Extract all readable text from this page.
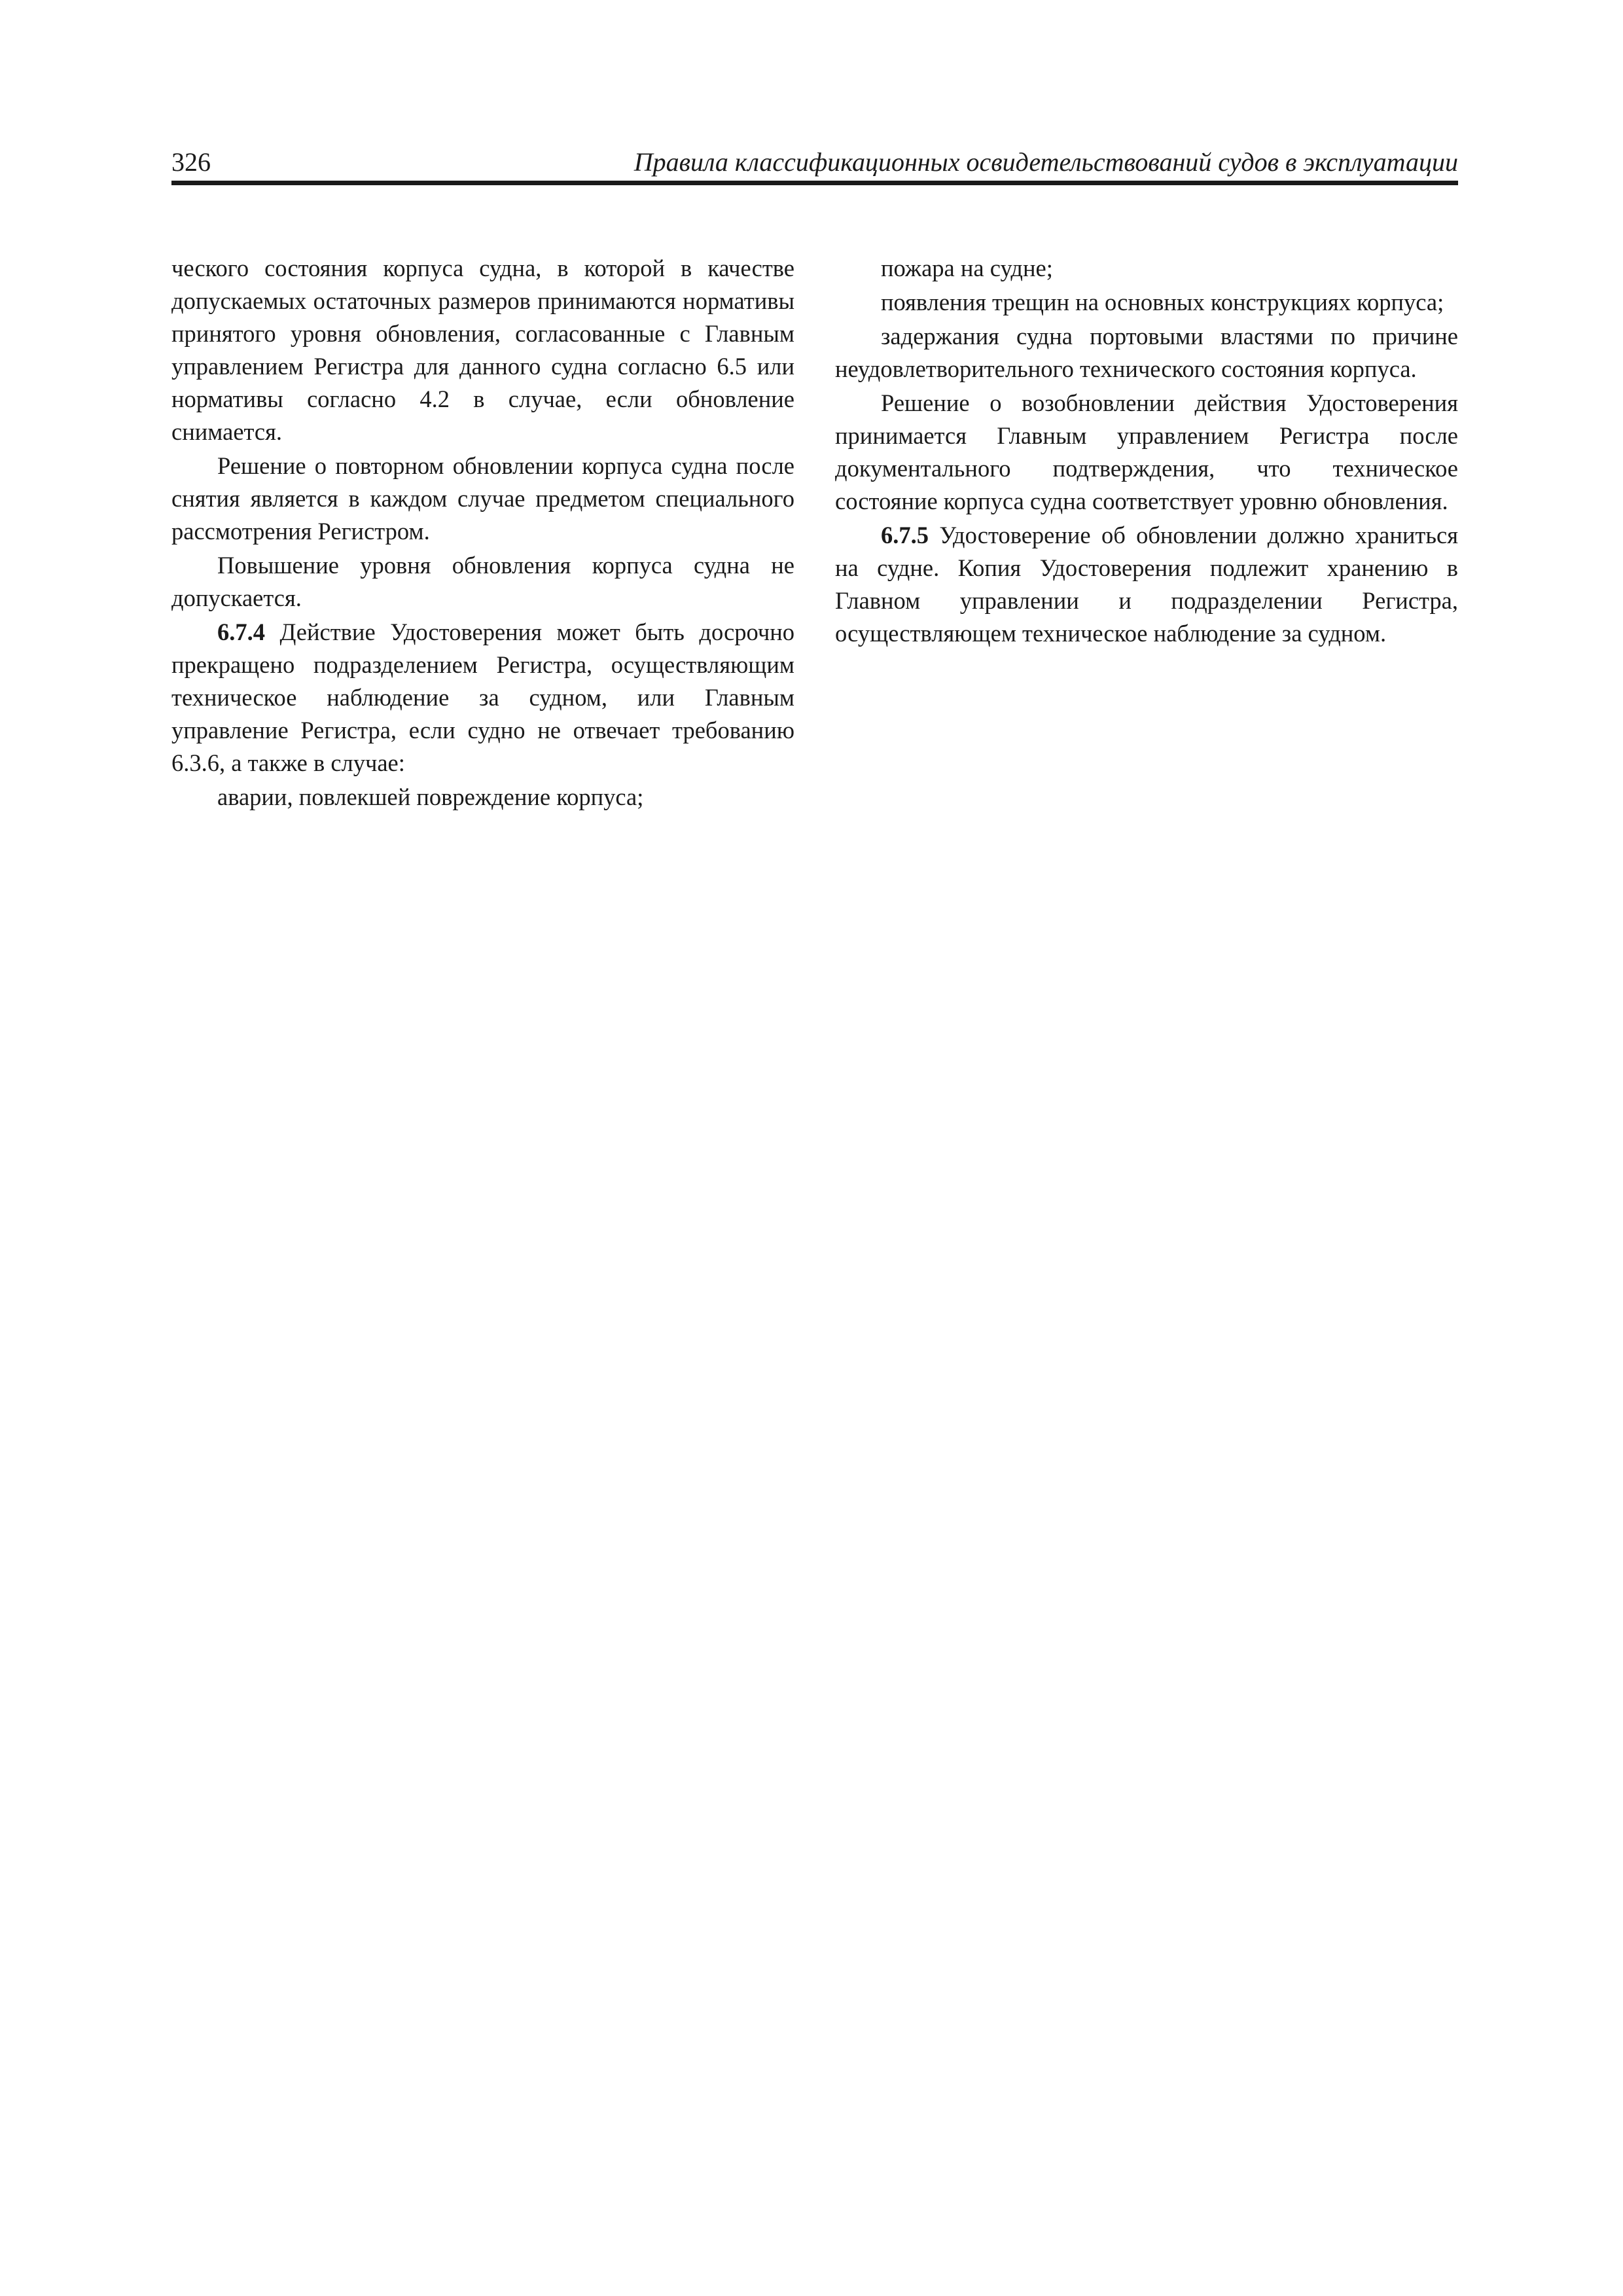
326	Правила классификационных освидетельствований судов в эксплуатации

ческого состояния корпуса судна, в которой в качестве допускаемых остаточных размеров принимаются нормативы принятого уровня обновления, согласованные с Главным управлением Регистра для данного судна согласно 6.5 или нормативы согласно 4.2 в случае, если обновление снимается.

Решение о повторном обновлении корпуса судна после снятия является в каждом случае предметом специального рассмотрения Регистром.

Повышение уровня обновления корпуса судна не допускается.

6.7.4 Действие Удостоверения может быть досрочно прекращено подразделением Регистра, осуществляющим техническое наблюдение за судном, или Главным управление Регистра, если судно не отвечает требованию 6.3.6, а также в случае:

аварии, повлекшей повреждение корпуса;

пожара на судне;

появления трещин на основных конструкциях корпуса;

задержания судна портовыми властями по причине неудовлетворительного технического состояния корпуса.

Решение о возобновлении действия Удостоверения принимается Главным управлением Регистра после документального подтверждения, что техническое состояние корпуса судна соответствует уровню обновления.

6.7.5 Удостоверение об обновлении должно храниться на судне. Копия Удостоверения подлежит хранению в Главном управлении и подразделении Регистра, осуществляющем техническое наблюдение за судном.
